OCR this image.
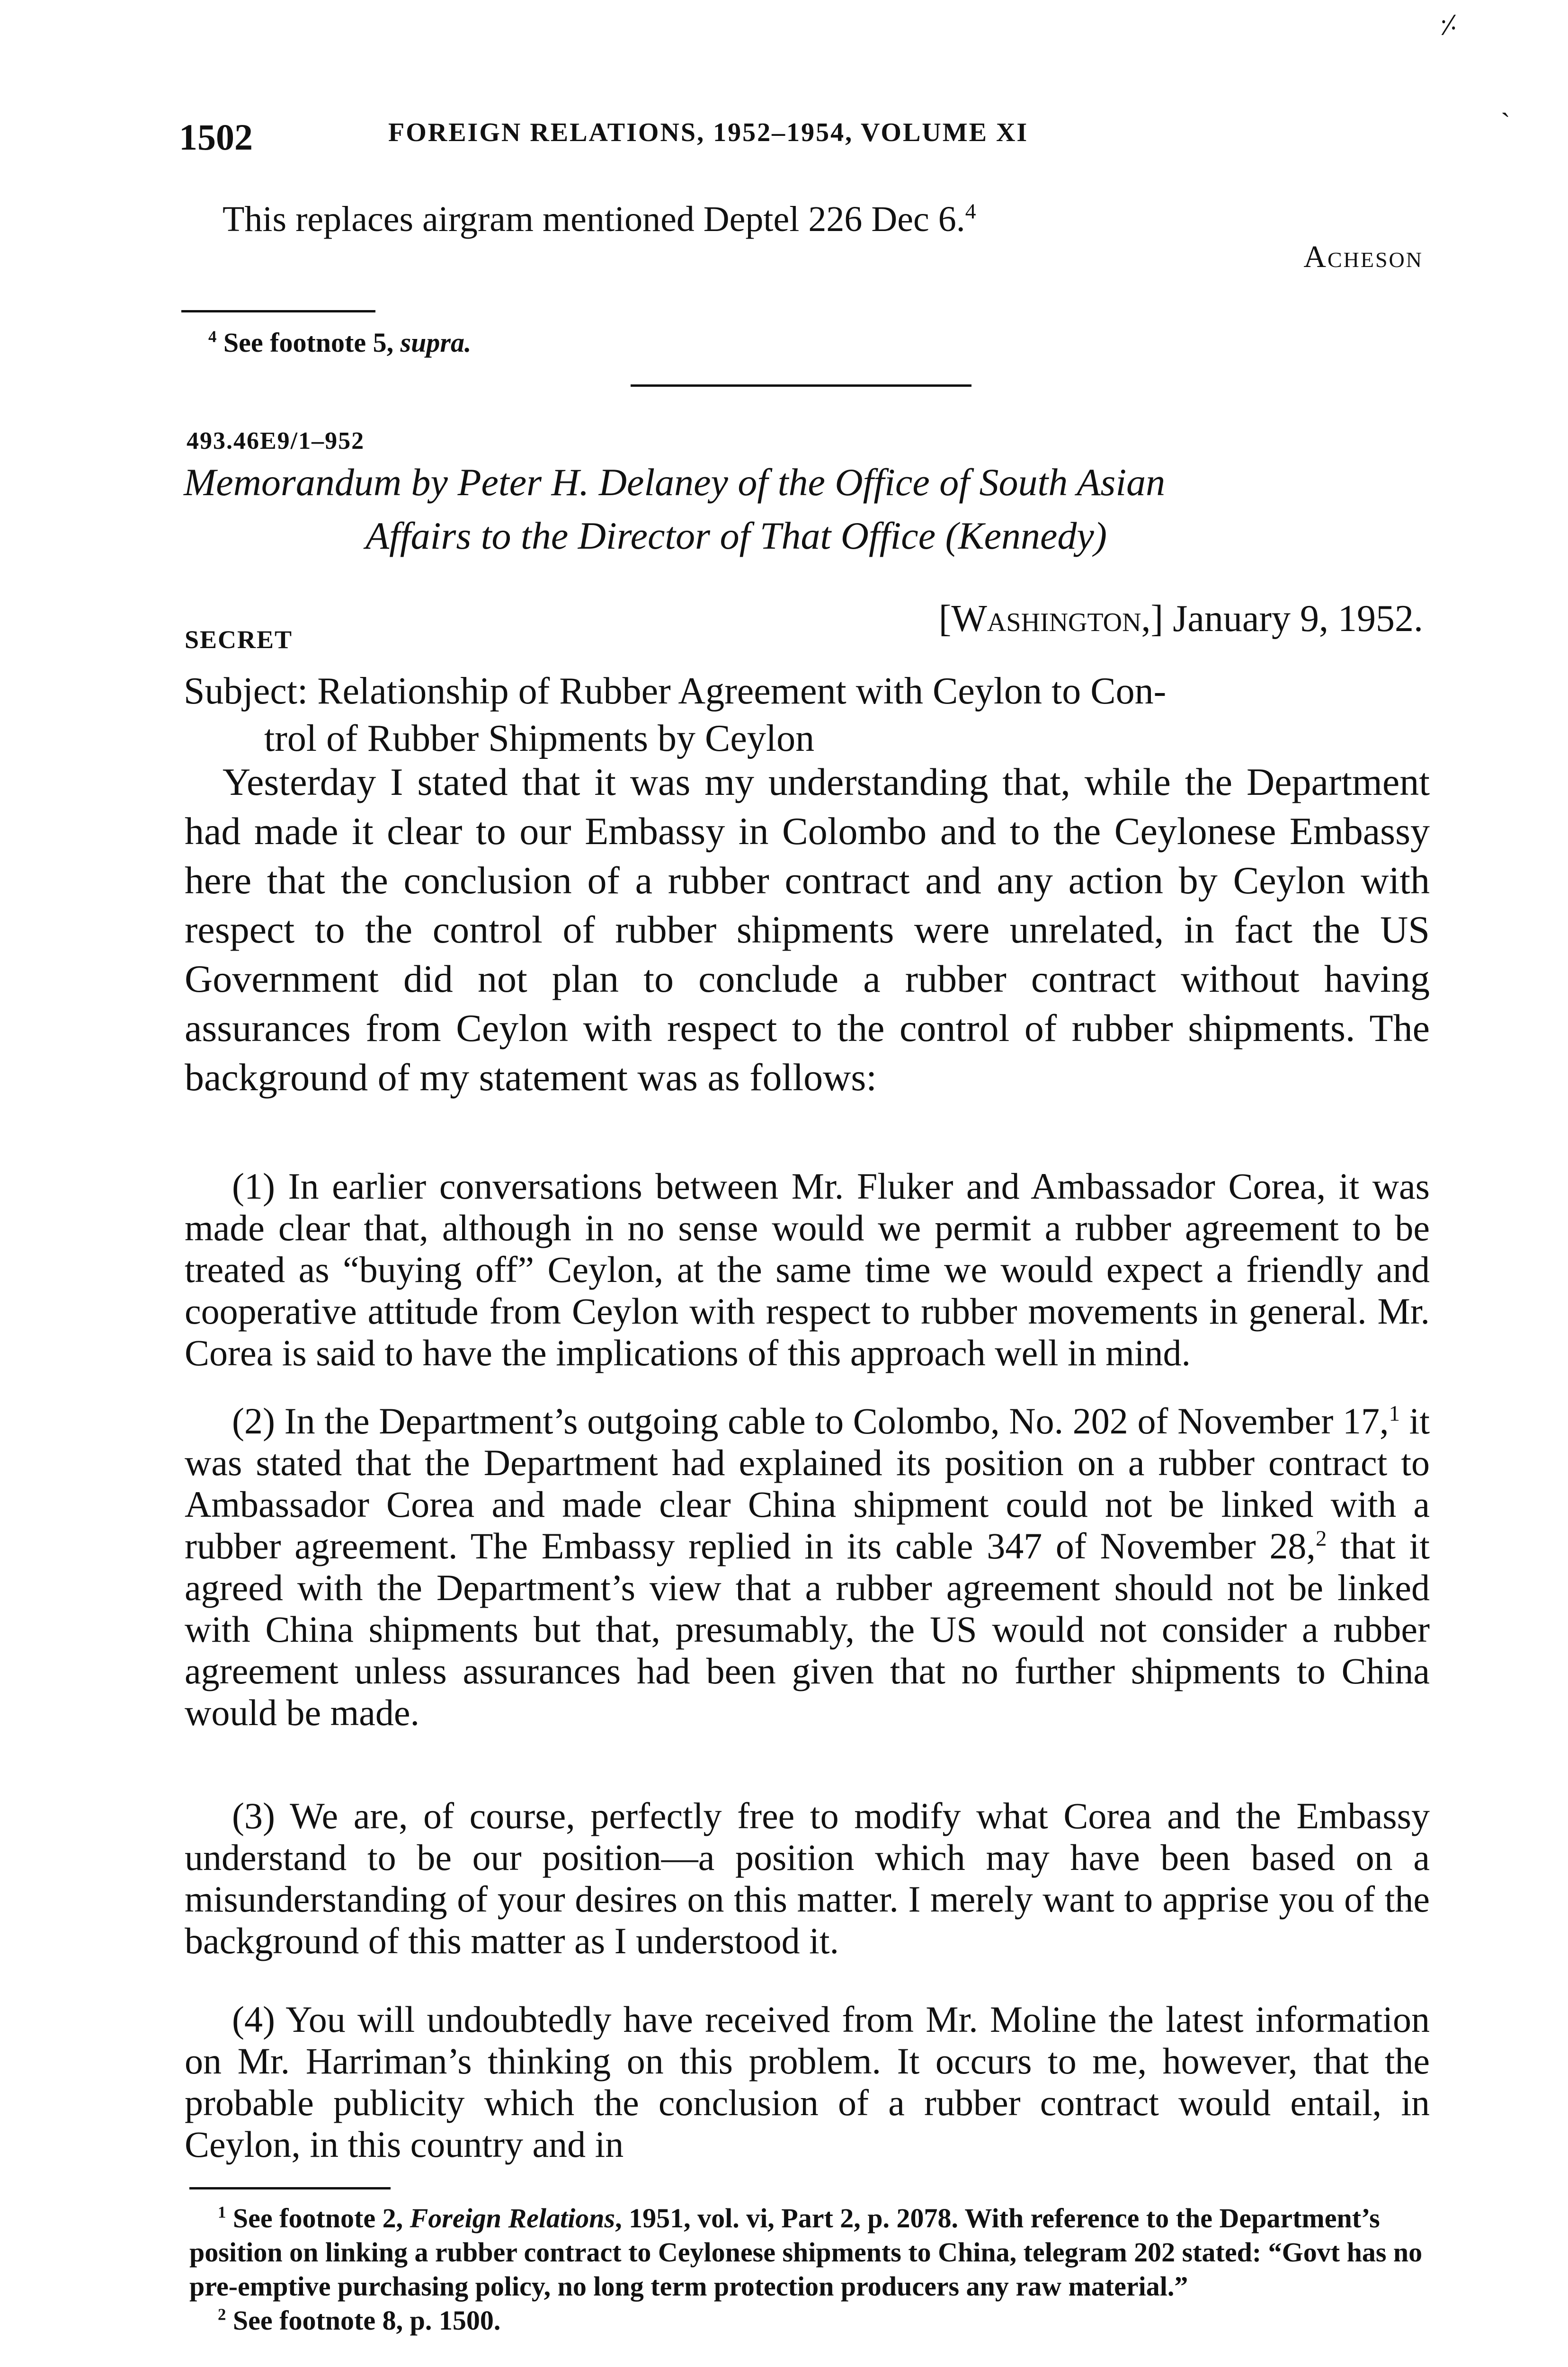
1502	FOREIGN RELATIONS, 1952–1954, VOLUME XI
⸓
ˎ
This replaces airgram mentioned Deptel 226 Dec 6.$^4$
Acheson
$^4$ See footnote 5, supra.
493.46E9/1–952
Memorandum by Peter H. Delaney of the Office of South Asian
Affairs to the Director of That Office (Kennedy)
SECRET	[Washington,] January 9, 1952.
Subject: Relationship of Rubber Agreement with Ceylon to Con-
trol of Rubber Shipments by Ceylon
Yesterday I stated that it was my understanding that, while the Department had made it clear to our Embassy in Colombo and to the Ceylonese Embassy here that the conclusion of a rubber contract and any action by Ceylon with respect to the control of rubber shipments were unrelated, in fact the US Government did not plan to conclude a rubber contract without having assurances from Ceylon with respect to the control of rubber shipments. The background of my statement was as follows:
(1) In earlier conversations between Mr. Fluker and Ambassador Corea, it was made clear that, although in no sense would we permit a rubber agreement to be treated as “buying off” Ceylon, at the same time we would expect a friendly and cooperative attitude from Ceylon with respect to rubber movements in general. Mr. Corea is said to have the implications of this approach well in mind.
(2) In the Department’s outgoing cable to Colombo, No. 202 of November 17,$^1$ it was stated that the Department had explained its position on a rubber contract to Ambassador Corea and made clear China shipment could not be linked with a rubber agreement. The Embassy replied in its cable 347 of November 28,$^2$ that it agreed with the Department’s view that a rubber agreement should not be linked with China shipments but that, presumably, the US would not consider a rubber agreement unless assurances had been given that no further shipments to China would be made.
(3) We are, of course, perfectly free to modify what Corea and the Embassy understand to be our position—a position which may have been based on a misunderstanding of your desires on this matter. I merely want to apprise you of the background of this matter as I understood it.
(4) You will undoubtedly have received from Mr. Moline the latest information on Mr. Harriman’s thinking on this problem. It occurs to me, however, that the probable publicity which the conclusion of a rubber contract would entail, in Ceylon, in this country and in

$^1$ See footnote 2, Foreign Relations, 1951, vol. vi, Part 2, p. 2078. With reference to the Department’s position on linking a rubber contract to Ceylonese shipments to China, telegram 202 stated: “Govt has no pre-emptive purchasing policy, no long term protection producers any raw material.”

$^2$ See footnote 8, p. 1500.
